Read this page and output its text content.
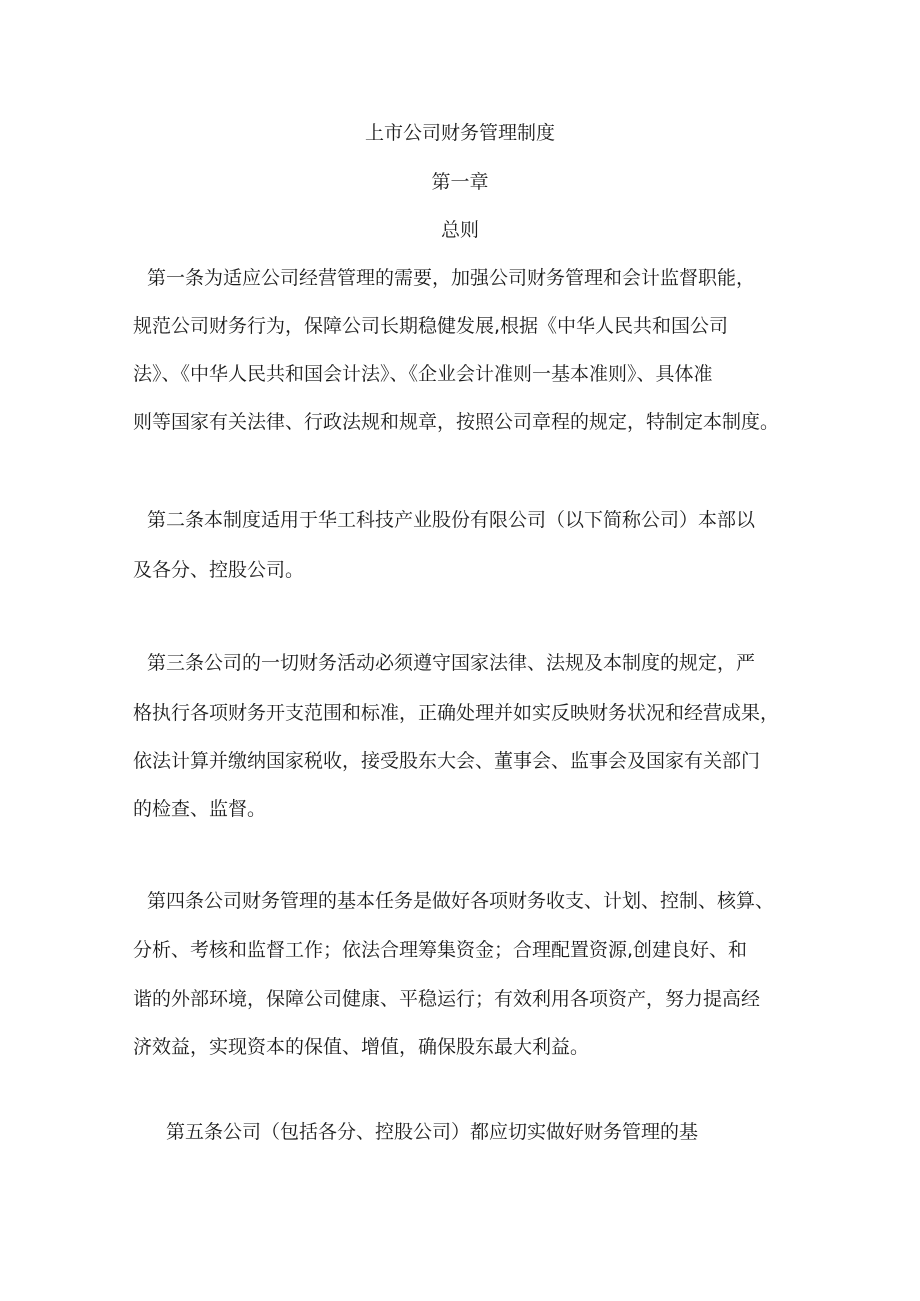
上市公司财务管理制度

第一章

总则

第一条为适应公司经营管理的需要，加强公司财务管理和会计监督职能，

规范公司财务行为，保障公司长期稳健发展,根据《中华人民共和国公司

法》、《中华人民共和国会计法》、《企业会计准则一基本准则》、具体准

则等国家有关法律、行政法规和规章，按照公司章程的规定，特制定本制度。

第二条本制度适用于华工科技产业股份有限公司（以下简称公司）本部以

及各分、控股公司。

第三条公司的一切财务活动必须遵守国家法律、法规及本制度的规定，严

格执行各项财务开支范围和标准，正确处理并如实反映财务状况和经营成果，

依法计算并缴纳国家税收，接受股东大会、董事会、监事会及国家有关部门

的检查、监督。

第四条公司财务管理的基本任务是做好各项财务收支、计划、控制、核算、

分析、考核和监督工作；依法合理筹集资金；合理配置资源,创建良好、和

谐的外部环境，保障公司健康、平稳运行；有效利用各项资产，努力提高经

济效益，实现资本的保值、增值，确保股东最大利益。

第五条公司（包括各分、控股公司）都应切实做好财务管理的基
